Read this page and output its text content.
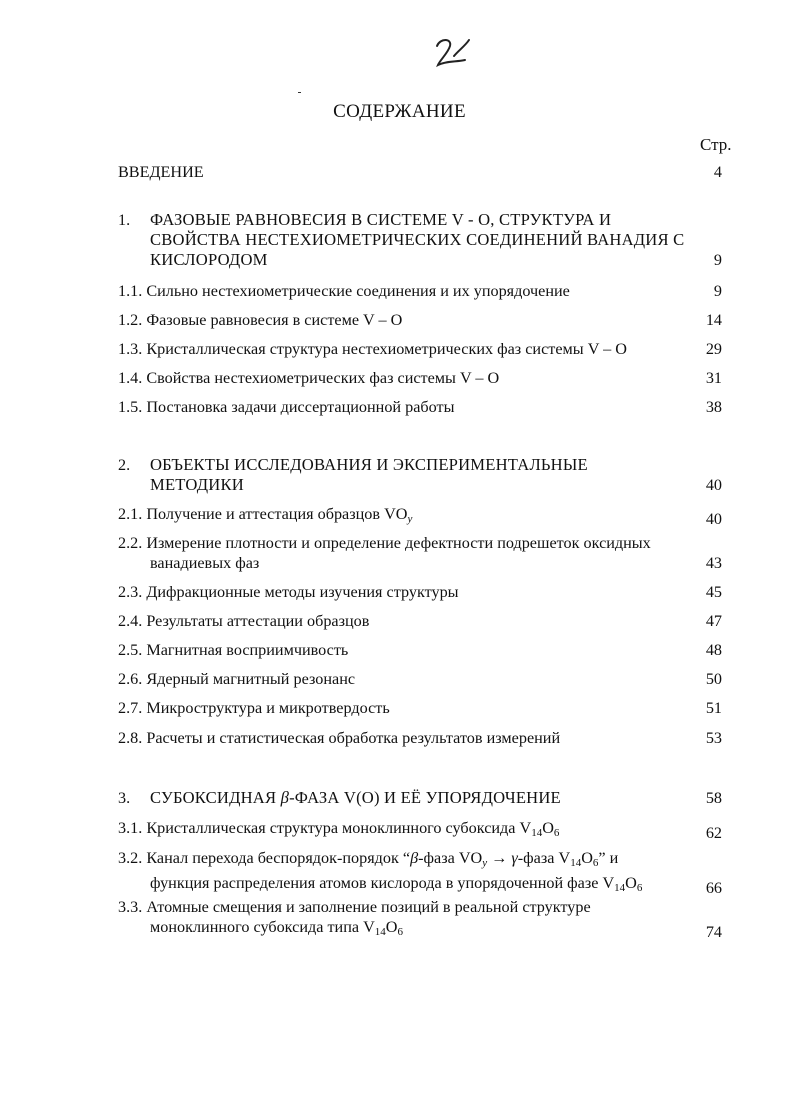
СОДЕРЖАНИЕ
Стр.
ВВЕДЕНИЕ	4
1.	ФАЗОВЫЕ РАВНОВЕСИЯ В СИСТЕМЕ V - O, СТРУКТУРА И СВОЙСТВА НЕСТЕХИОМЕТРИЧЕСКИХ СОЕДИНЕНИЙ ВАНАДИЯ С КИСЛОРОДОМ	9
1.1. Сильно нестехиометрические соединения и их упорядочение	9
1.2. Фазовые равновесия в системе V – O	14
1.3. Кристаллическая структура нестехиометрических фаз системы V – O	29
1.4. Свойства нестехиометрических фаз системы V – O	31
1.5. Постановка задачи диссертационной работы	38
2.	ОБЪЕКТЫ ИССЛЕДОВАНИЯ И ЭКСПЕРИМЕНТАЛЬНЫЕ МЕТОДИКИ	40
2.1. Получение и аттестация образцов $VO_y$	40
2.2. Измерение плотности и определение дефектности подрешеток оксидных ванадиевых фаз	43
2.3. Дифракционные методы изучения структуры	45
2.4. Результаты аттестации образцов	47
2.5. Магнитная восприимчивость	48
2.6. Ядерный магнитный резонанс	50
2.7. Микроструктура и микротвердость	51
2.8. Расчеты и статистическая обработка результатов измерений	53
3.	СУБОКСИДНАЯ β-ФАЗА V(O) И ЕЁ УПОРЯДОЧЕНИЕ	58
3.1. Кристаллическая структура моноклинного субоксида $V_{14}O_6$	62
3.2. Канал перехода беспорядок-порядок “β-фаза $VO_y$ → γ-фаза $V_{14}O_6$” и
функция распределения атомов кислорода в упорядоченной фазе $V_{14}O_6$	66
3.3. Атомные смещения и заполнение позиций в реальной структуре
моноклинного субоксида типа $V_{14}O_6$	74
